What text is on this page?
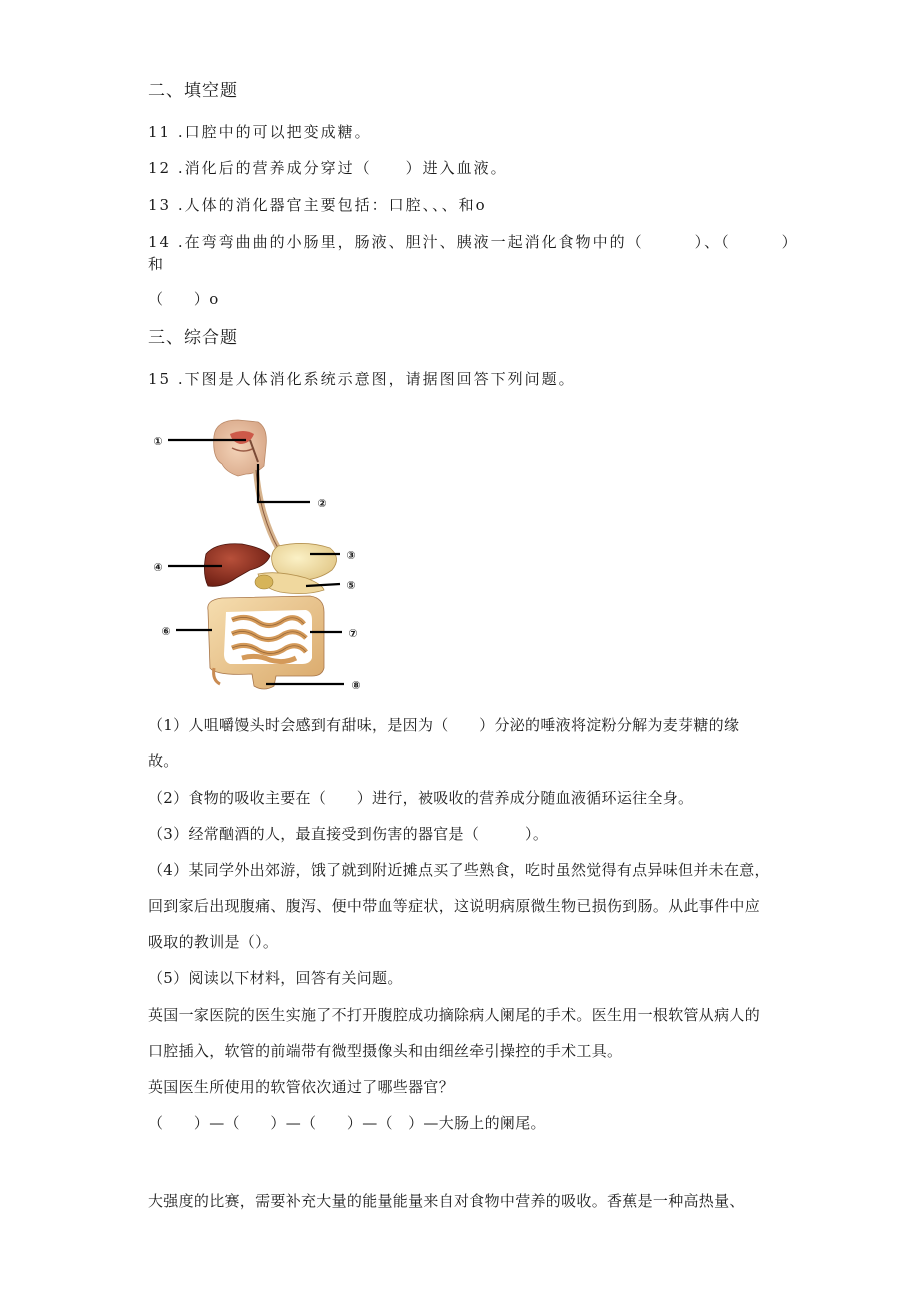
二、填空题
11 .口腔中的可以把变成糖。
12 .消化后的营养成分穿过（　　）进入血液。
13 .人体的消化器官主要包括：口腔、、、和o
14 .在弯弯曲曲的小肠里，肠液、胆汁、胰液一起消化食物中的（　　　）、（　　　）
和
（　　）o
三、综合题
15 .下图是人体消化系统示意图，请据图回答下列问题。
①
②
③
④
⑤
⑥	⑦
⑧
（1）人咀嚼馒头时会感到有甜味，是因为（　　）分泌的唾液将淀粉分解为麦芽糖的缘
故。
（2）食物的吸收主要在（　　）进行，被吸收的营养成分随血液循环运往全身。
（3）经常酗酒的人，最直接受到伤害的器官是（　　　）。
（4）某同学外出郊游，饿了就到附近摊点买了些熟食，吃时虽然觉得有点异味但并未在意，
回到家后出现腹痛、腹泻、便中带血等症状，这说明病原微生物已损伤到肠。从此事件中应
吸取的教训是（）。
（5）阅读以下材料，回答有关问题。
英国一家医院的医生实施了不打开腹腔成功摘除病人阑尾的手术。医生用一根软管从病人的
口腔插入，软管的前端带有微型摄像头和由细丝牵引操控的手术工具。
英国医生所使用的软管依次通过了哪些器官？
（　　）—（　　）—（　　）—（　）—大肠上的阑尾。
大强度的比赛，需要补充大量的能量能量来自对食物中营养的吸收。香蕉是一种高热量、
